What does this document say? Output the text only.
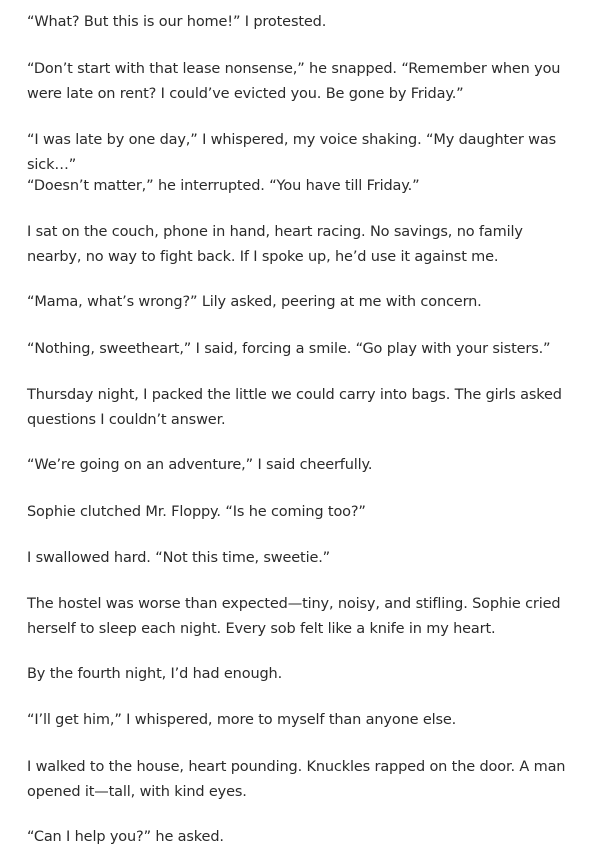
“What? But this is our home!” I protested.

“Don’t start with that lease nonsense,” he snapped. “Remember when you were late on rent? I could’ve evicted you. Be gone by Friday.”

“I was late by one day,” I whispered, my voice shaking. “My daughter was sick…”

“Doesn’t matter,” he interrupted. “You have till Friday.”

I sat on the couch, phone in hand, heart racing. No savings, no family nearby, no way to fight back. If I spoke up, he’d use it against me.

“Mama, what’s wrong?” Lily asked, peering at me with concern.

“Nothing, sweetheart,” I said, forcing a smile. “Go play with your sisters.”

Thursday night, I packed the little we could carry into bags. The girls asked questions I couldn’t answer.

“We’re going on an adventure,” I said cheerfully.

Sophie clutched Mr. Floppy. “Is he coming too?”

I swallowed hard. “Not this time, sweetie.”

The hostel was worse than expected—tiny, noisy, and stifling. Sophie cried herself to sleep each night. Every sob felt like a knife in my heart.

By the fourth night, I’d had enough.

“I’ll get him,” I whispered, more to myself than anyone else.

I walked to the house, heart pounding. Knuckles rapped on the door. A man opened it—tall, with kind eyes.

“Can I help you?” he asked.
